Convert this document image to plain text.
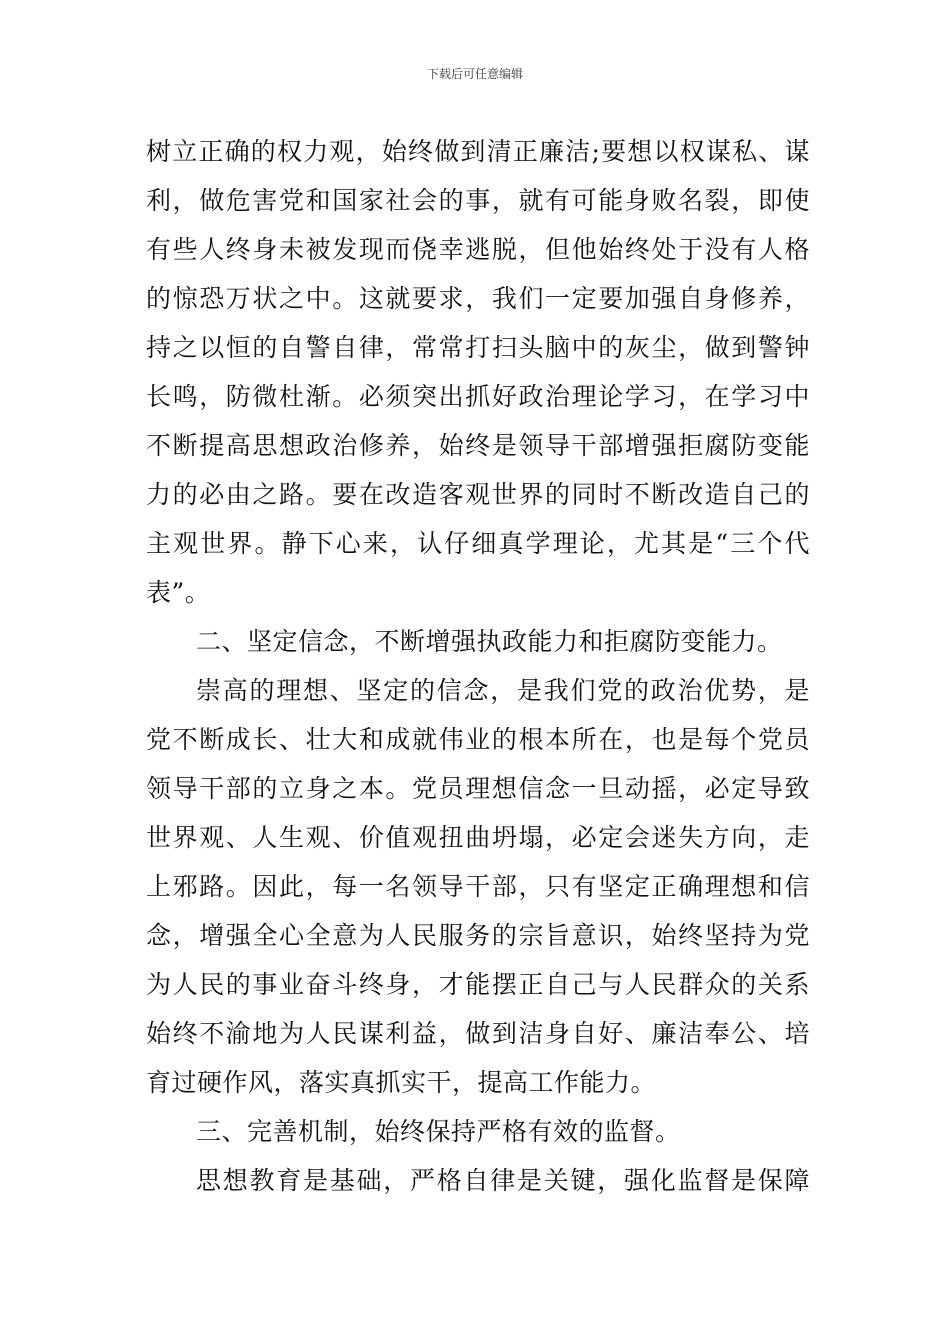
下载后可任意编辑
树立正确的权力观，始终做到清正廉洁;要想以权谋私、谋
利，做危害党和国家社会的事，就有可能身败名裂，即使
有些人终身未被发现而侥幸逃脱，但他始终处于没有人格
的惊恐万状之中。这就要求，我们一定要加强自身修养，
持之以恒的自警自律，常常打扫头脑中的灰尘，做到警钟
长鸣，防微杜渐。必须突出抓好政治理论学习，在学习中
不断提高思想政治修养，始终是领导干部增强拒腐防变能
力的必由之路。要在改造客观世界的同时不断改造自己的
主观世界。静下心来，认仔细真学理论，尤其是“三个代
表”。
二、坚定信念，不断增强执政能力和拒腐防变能力。
崇高的理想、坚定的信念，是我们党的政治优势，是
党不断成长、壮大和成就伟业的根本所在，也是每个党员
领导干部的立身之本。党员理想信念一旦动摇，必定导致
世界观、人生观、价值观扭曲坍塌，必定会迷失方向，走
上邪路。因此，每一名领导干部，只有坚定正确理想和信
念，增强全心全意为人民服务的宗旨意识，始终坚持为党
为人民的事业奋斗终身，才能摆正自己与人民群众的关系
始终不渝地为人民谋利益，做到洁身自好、廉洁奉公、培
育过硬作风，落实真抓实干，提高工作能力。
三、完善机制，始终保持严格有效的监督。
思想教育是基础，严格自律是关键，强化监督是保障
